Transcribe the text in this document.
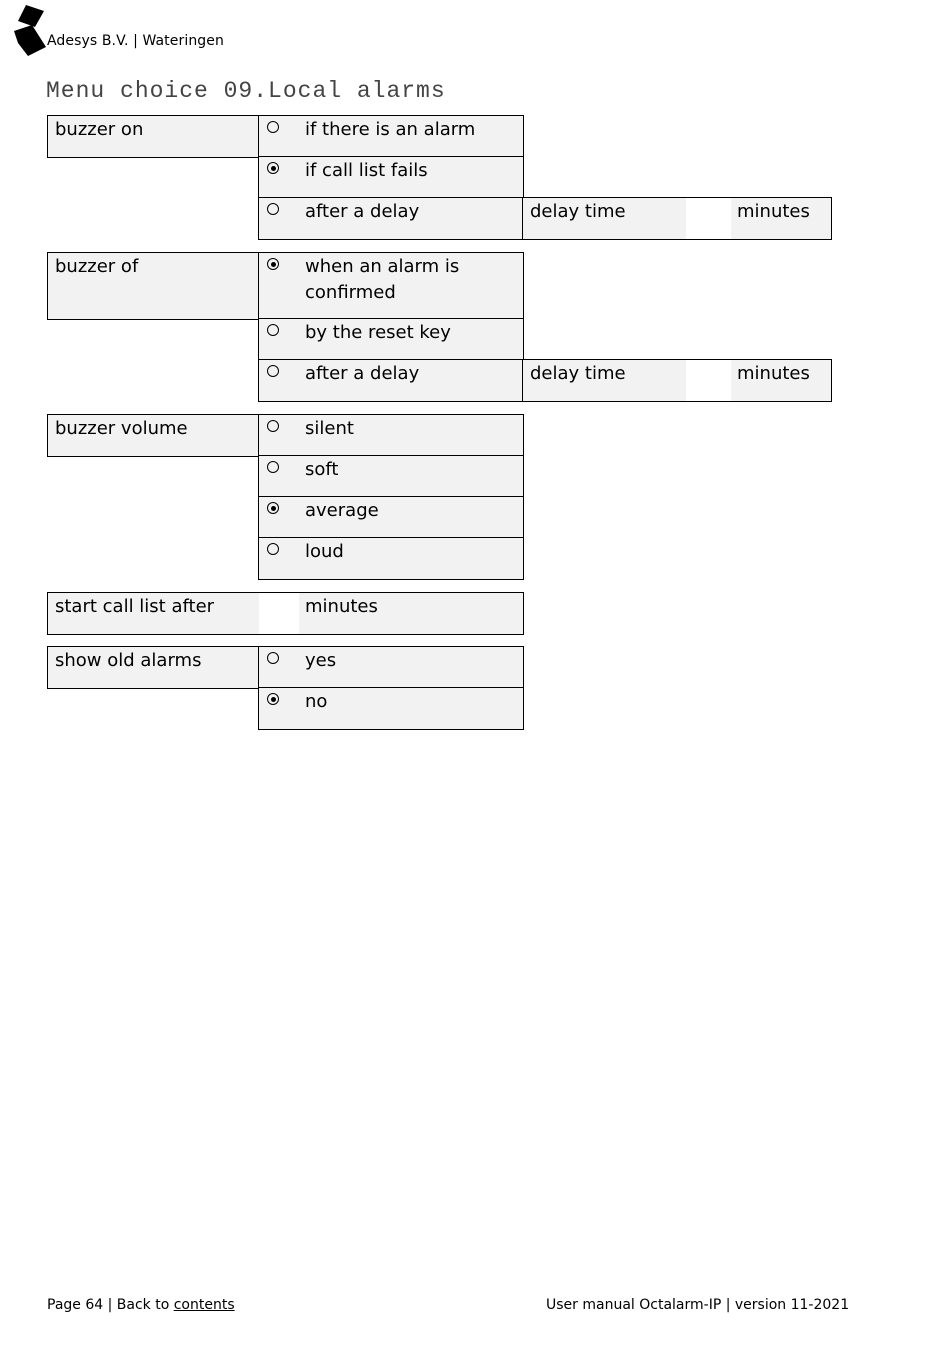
Adesys B.V. | Wateringen
Menu choice 09.Local alarms
buzzer on	if there is an alarm
if call list fails
after a delay	delay time	minutes
buzzer of	when an alarm is confirmed
by the reset key
after a delay	delay time	minutes
buzzer volume	silent
soft
average
loud
start call list after	minutes
show old alarms	yes
no
Page 64 | Back to contents	User manual Octalarm-IP | version 11-2021
